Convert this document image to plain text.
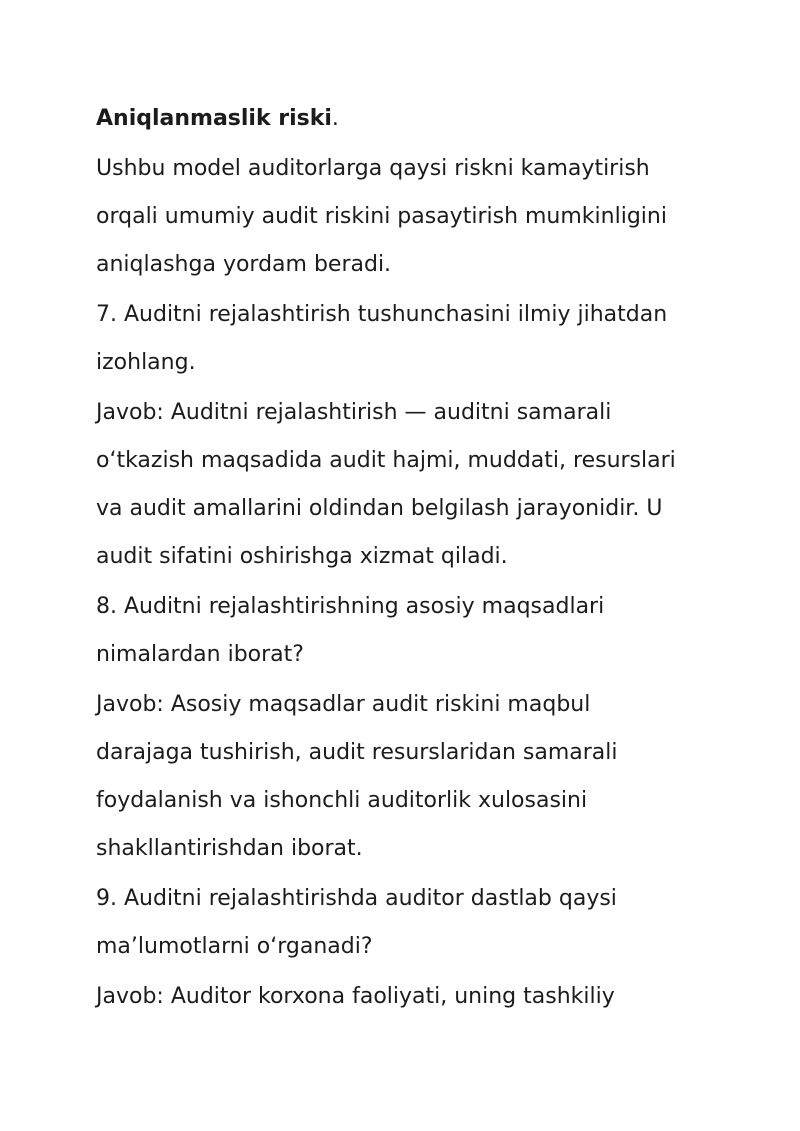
Aniqlanmaslik riski.
Ushbu model auditorlarga qaysi riskni kamaytirish
orqali umumiy audit riskini pasaytirish mumkinligini
aniqlashga yordam beradi.
7. Auditni rejalashtirish tushunchasini ilmiy jihatdan
izohlang.
Javob: Auditni rejalashtirish — auditni samarali
o‘tkazish maqsadida audit hajmi, muddati, resurslari
va audit amallarini oldindan belgilash jarayonidir. U
audit sifatini oshirishga xizmat qiladi.
8. Auditni rejalashtirishning asosiy maqsadlari
nimalardan iborat?
Javob: Asosiy maqsadlar audit riskini maqbul
darajaga tushirish, audit resurslaridan samarali
foydalanish va ishonchli auditorlik xulosasini
shakllantirishdan iborat.
9. Auditni rejalashtirishda auditor dastlab qaysi
ma’lumotlarni o‘rganadi?
Javob: Auditor korxona faoliyati, uning tashkiliy
